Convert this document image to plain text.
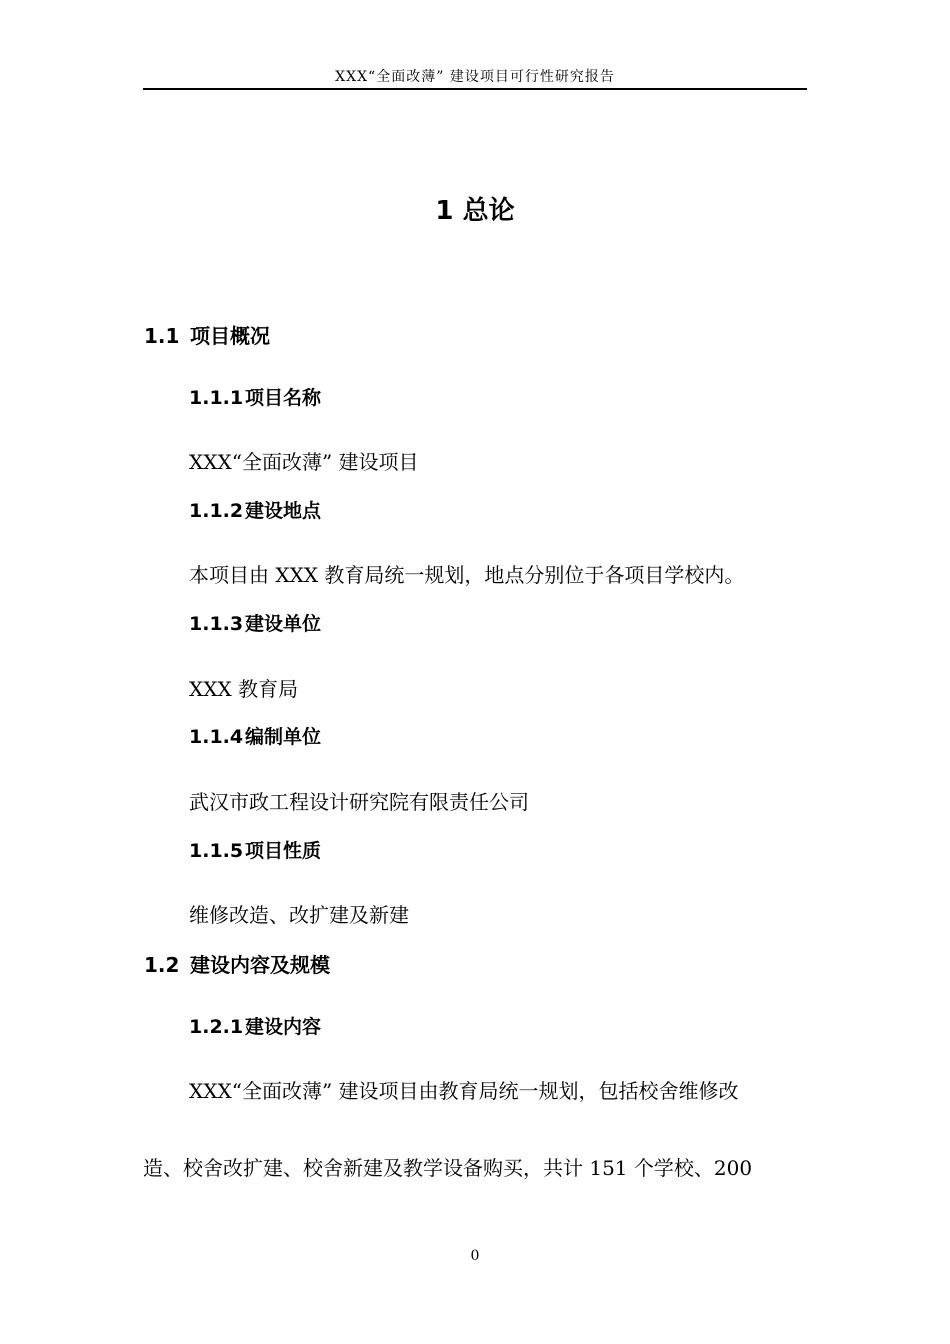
XXX“全面改薄” 建设项目可行性研究报告
1 总论
1.1 项目概况
1.1.1项目名称
XXX“全面改薄” 建设项目
1.1.2建设地点
本项目由 XXX 教育局统一规划，地点分别位于各项目学校内。
1.1.3建设单位
XXX 教育局
1.1.4编制单位
武汉市政工程设计研究院有限责任公司
1.1.5项目性质
维修改造、改扩建及新建
1.2 建设内容及规模
1.2.1建设内容
XXX“全面改薄” 建设项目由教育局统一规划，包括校舍维修改
造、校舍改扩建、校舍新建及教学设备购买，共计 151 个学校、200
0
